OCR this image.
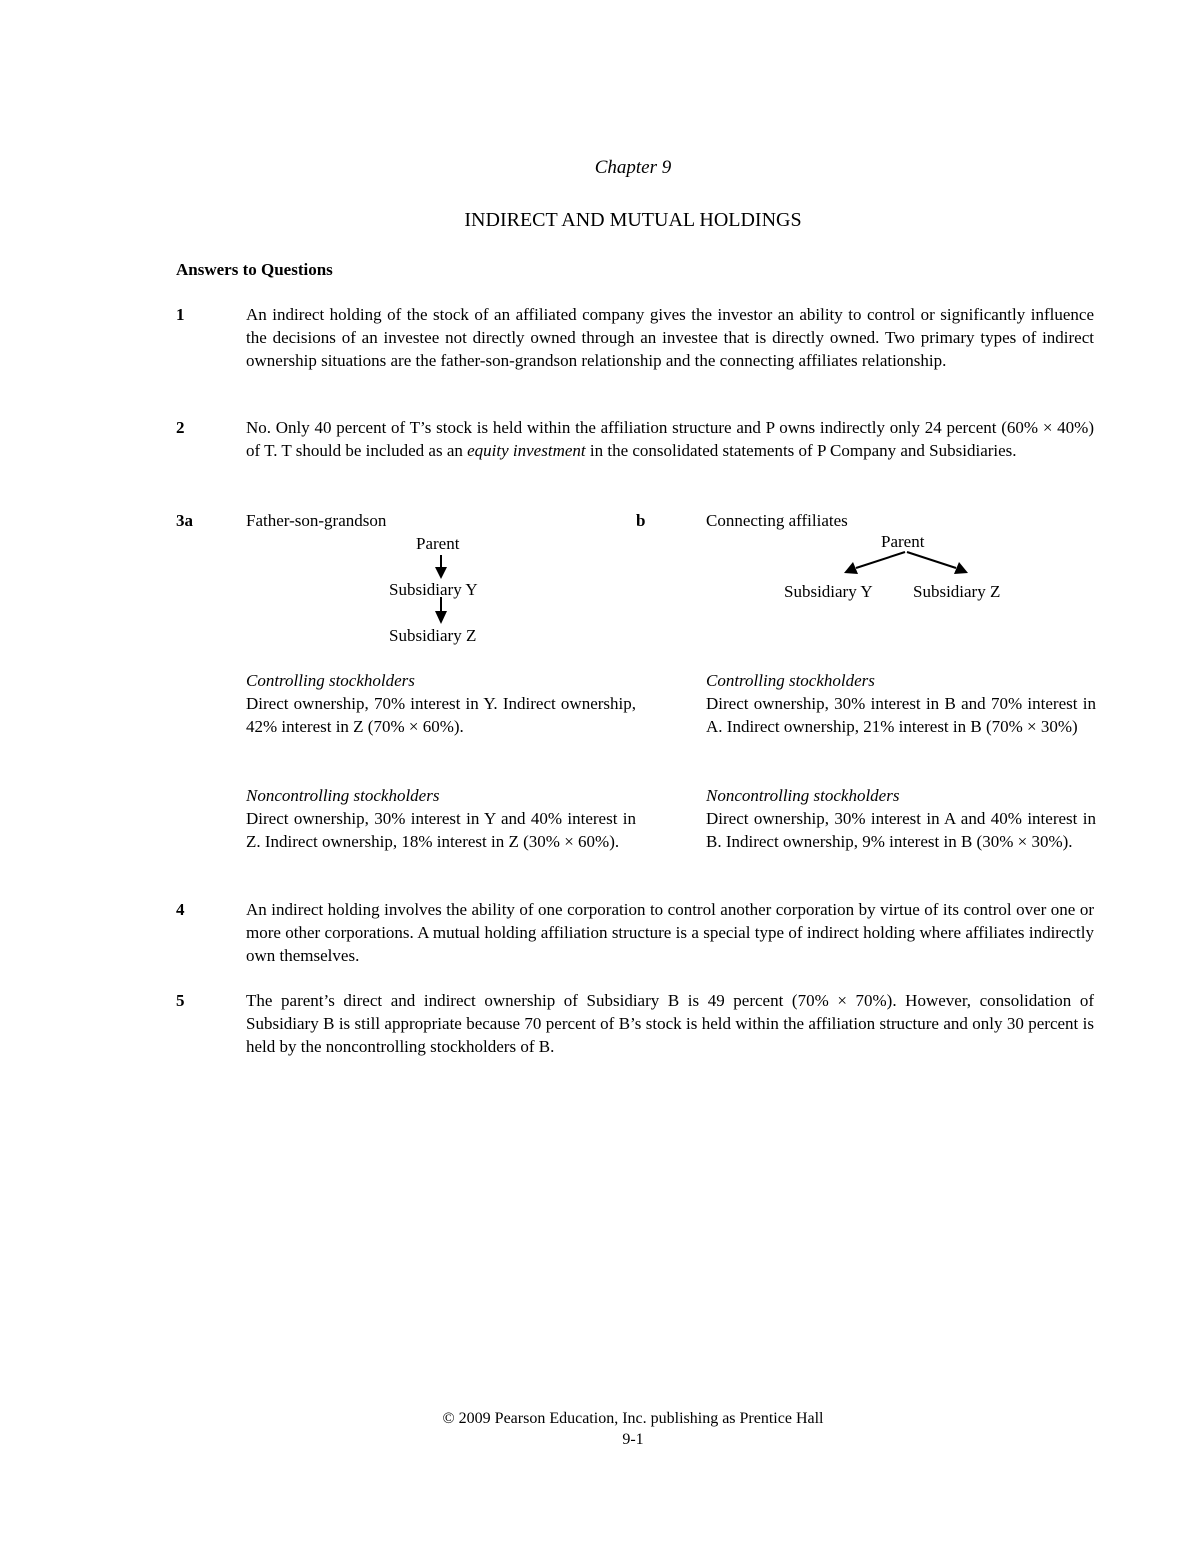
Chapter 9
INDIRECT AND MUTUAL HOLDINGS
Answers to Questions
1	An indirect holding of the stock of an affiliated company gives the investor an ability to control or significantly influence the decisions of an investee not directly owned through an investee that is directly owned. Two primary types of indirect ownership situations are the father-son-grandson relationship and the connecting affiliates relationship.
2	No. Only 40 percent of T’s stock is held within the affiliation structure and P owns indirectly only 24 percent (60% × 40%) of T. T should be included as an equity investment in the consolidated statements of P Company and Subsidiaries.
3a	Father-son-grandson	b	Connecting affiliates
Parent
Subsidiary Y
Subsidiary Z
Parent
Subsidiary Y Subsidiary Z
Controlling stockholders
Direct ownership, 70% interest in Y. Indirect ownership, 42% interest in Z (70% × 60%).
Noncontrolling stockholders
Direct ownership, 30% interest in Y and 40% interest in Z. Indirect ownership, 18% interest in Z (30% × 60%).
Controlling stockholders
Direct ownership, 30% interest in B and 70% interest in A. Indirect ownership, 21% interest in B (70% × 30%)
Noncontrolling stockholders
Direct ownership, 30% interest in A and 40% interest in B. Indirect ownership, 9% interest in B (30% × 30%).
4	An indirect holding involves the ability of one corporation to control another corporation by virtue of its control over one or more other corporations. A mutual holding affiliation structure is a special type of indirect holding where affiliates indirectly own themselves.
5	The parent’s direct and indirect ownership of Subsidiary B is 49 percent (70% × 70%). However, consolidation of Subsidiary B is still appropriate because 70 percent of B’s stock is held within the affiliation structure and only 30 percent is held by the noncontrolling stockholders of B.
© 2009 Pearson Education, Inc. publishing as Prentice Hall
9-1
